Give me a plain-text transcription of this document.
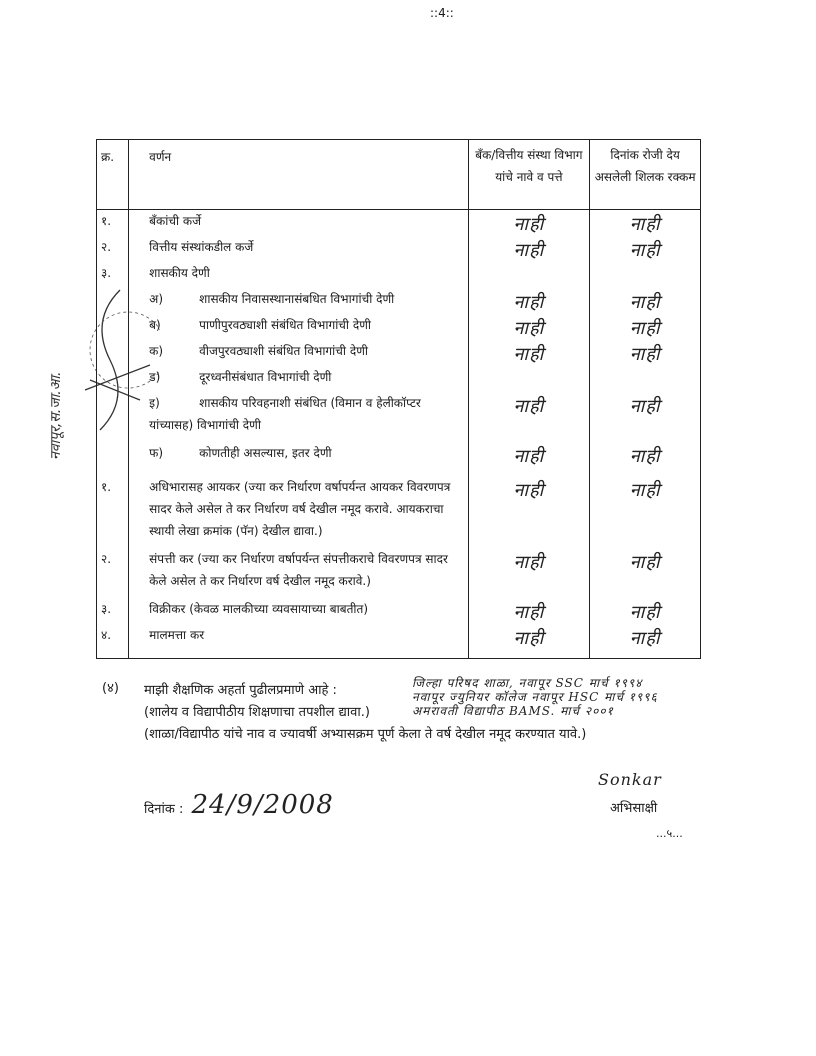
::4::
नवापूर,स.जा.आ.
क्र.	वर्णन	बँक/वित्तीय संस्था विभाग यांचे नावे व पत्ते	दिनांक रोजी देय असलेली शिलक रक्कम
१.	बँकांची कर्जे	नाही	नाही
२.	वित्तीय संस्थांकडील कर्जे	नाही	नाही
३.	शासकीय देणी		
	अ) शासकीय निवासस्थानासंबधित विभागांची देणी	नाही	नाही
	ब) पाणीपुरवठ्याशी संबंधित विभागांची देणी	नाही	नाही
	क) वीजपुरवठ्याशी संबंधित विभागांची देणी	नाही	नाही
	ड) दूरध्वनीसंबंधात विभागांची देणी		
	इ) शासकीय परिवहनाशी संबंधित (विमान व हेलीकॉप्टर यांच्यासह) विभागांची देणी	नाही	नाही
	फ) कोणतीही असल्यास, इतर देणी	नाही	नाही
१.	अधिभारासह आयकर (ज्या कर निर्धारण वर्षापर्यन्त आयकर विवरणपत्र सादर केले असेल ते कर निर्धारण वर्ष देखील नमूद करावे. आयकराचा स्थायी लेखा क्रमांक (पॅन) देखील द्यावा.)	नाही	नाही
२.	संपत्ती कर (ज्या कर निर्धारण वर्षापर्यन्त संपत्तीकराचे विवरणपत्र सादर केले असेल ते कर निर्धारण वर्ष देखील नमूद करावे.)	नाही	नाही
३.	विक्रीकर (केवळ मालकीच्या व्यवसायाच्या बाबतीत)	नाही	नाही
४.	मालमत्ता कर	नाही	नाही
(४) माझी शैक्षणिक अहर्ता पुढीलप्रमाणे आहे :
(शालेय व विद्यापीठीय शिक्षणाचा तपशील द्यावा.)
(शाळा/विद्यापीठ यांचे नाव व ज्यावर्षी अभ्यासक्रम पूर्ण केला ते वर्ष देखील नमूद करण्यात यावे.)
जिल्हा परिषद शाळा, नवापूर SSC मार्च १९९४
नवापूर ज्युनियर कॉलेज नवापूर HSC मार्च १९९६
अमरावती विद्यापीठ BAMS. मार्च २००१
दिनांक : 24/9/2008
Sonkar
अभिसाक्षी
...५...
